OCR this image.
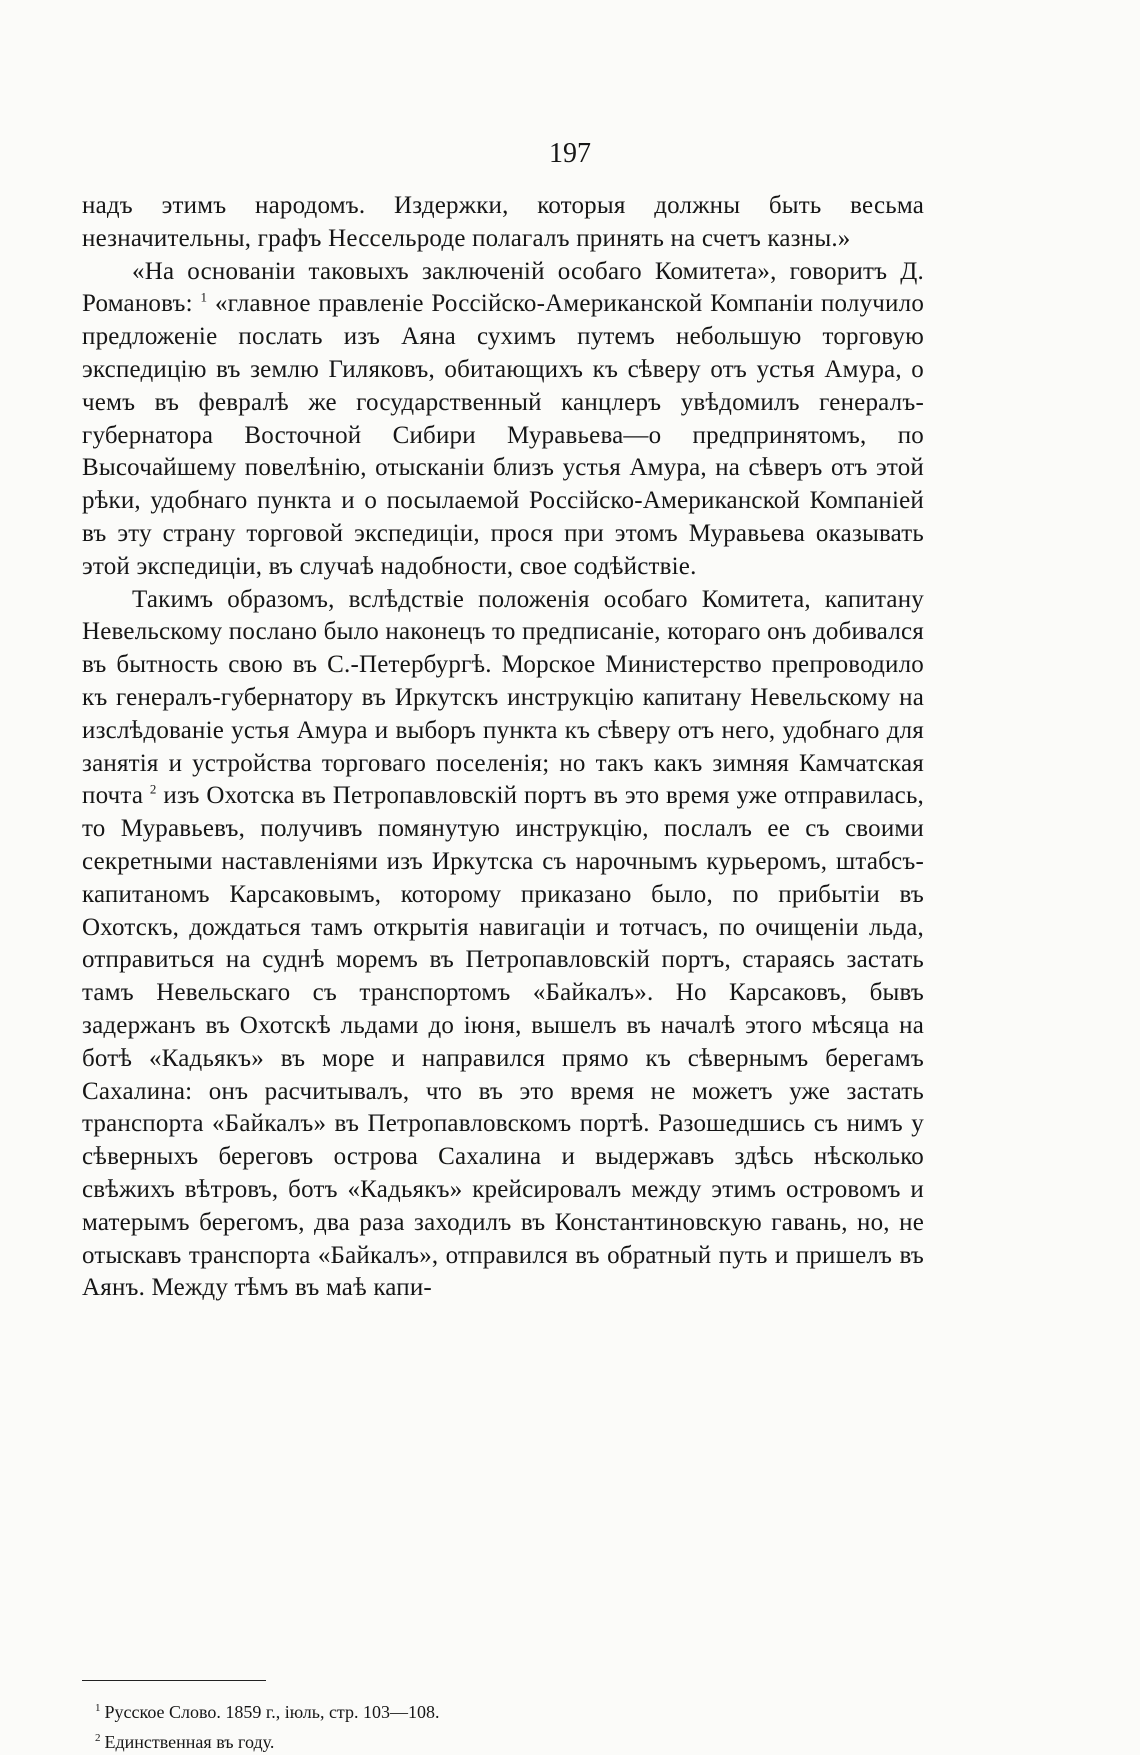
197

надъ этимъ народомъ. Издержки, которыя должны быть весьма незначительны, графъ Нессельроде полагалъ принять на счетъ казны.»

«На основанiи таковыхъ заключенiй особаго Комитета», говоритъ Д. Романовъ: $^1$ «главное правленiе Россiйско-Американской Компанiи получило предложенiе послать изъ Аяна сухимъ путемъ небольшую торговую экспедицiю въ землю Гиляковъ, обитающихъ къ сѣверу отъ устья Амура, о чемъ въ февралѣ же государственный канцлеръ увѣдомилъ генералъ-губернатора Восточной Сибири Муравьева—о предпринятомъ, по Высочайшему повелѣнiю, отысканiи близъ устья Амура, на сѣверъ отъ этой рѣки, удобнаго пункта и о посылаемой Россiйско-Американской Компанiей въ эту страну торговой экспедицiи, прося при этомъ Муравьева оказывать этой экспедицiи, въ случаѣ надобности, свое содѣйствiе.

Такимъ образомъ, вслѣдствiе положенiя особаго Комитета, капитану Невельскому послано было наконецъ то предписанiе, котораго онъ добивался въ бытность свою въ С.-Петербургѣ. Морское Министерство препроводило къ генералъ-губернатору въ Иркутскъ инструкцiю капитану Невельскому на изслѣдованiе устья Амура и выборъ пункта къ сѣверу отъ него, удобнаго для занятiя и устройства торговаго поселенiя; но такъ какъ зимняя Камчатская почта $^2$ изъ Охотска въ Петропавловскiй портъ въ это время уже отправилась, то Муравьевъ, получивъ помянутую инструкцiю, послалъ ее съ своими секретными наставленiями изъ Иркутска съ нарочнымъ курьеромъ, штабсъ-капитаномъ Карсаковымъ, которому приказано было, по прибытiи въ Охотскъ, дождаться тамъ открытiя навигацiи и тотчасъ, по очищенiи льда, отправиться на суднѣ моремъ въ Петропавловскiй портъ, стараясь застать тамъ Невельскаго съ транспортомъ «Байкалъ». Но Карсаковъ, бывъ задержанъ въ Охотскѣ льдами до iюня, вышелъ въ началѣ этого мѣсяца на ботѣ «Кадьякъ» въ море и направился прямо къ сѣвернымъ берегамъ Сахалина: онъ расчитывалъ, что въ это время не можетъ уже застать транспорта «Байкалъ» въ Петропавловскомъ портѣ. Разошедшись съ нимъ у сѣверныхъ береговъ острова Сахалина и выдержавъ здѣсь нѣсколько свѣжихъ вѣтровъ, ботъ «Кадьякъ» крейсировалъ между этимъ островомъ и матерымъ берегомъ, два раза заходилъ въ Константиновскую гавань, но, не отыскавъ транспорта «Байкалъ», отправился въ обратный путь и пришелъ въ Аянъ. Между тѣмъ въ маѣ капи-

$^1$ Русское Слово. 1859 г., iюль, стр. 103—108.
$^2$ Единственная въ году.
